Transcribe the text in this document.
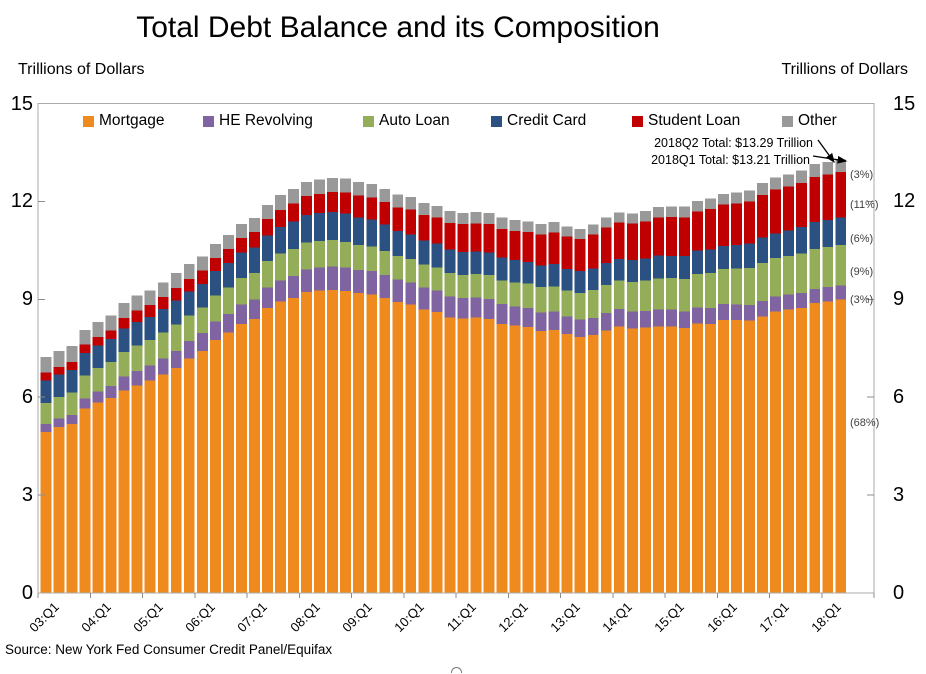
Total Debt Balance and its Composition
Trillions of Dollars	Trillions of Dollars
Mortgage	HE Revolving	Auto Loan	Credit Card	Student Loan	Other
2018Q2 Total: $13.29 Trillion
2018Q1 Total: $13.21 Trillion
15	15
12	12
9	9
6	6
3	3
0	0
03:Q1	04:Q1	05:Q1	06:Q1	07:Q1	08:Q1	09:Q1	10:Q1	11:Q1	12:Q1	13:Q1	14:Q1	15:Q1	16:Q1	17:Q1	18:Q1
(68%)
(3%)
(9%)
(6%)
(11%)
(3%)
Source: New York Fed Consumer Credit Panel/Equifax
